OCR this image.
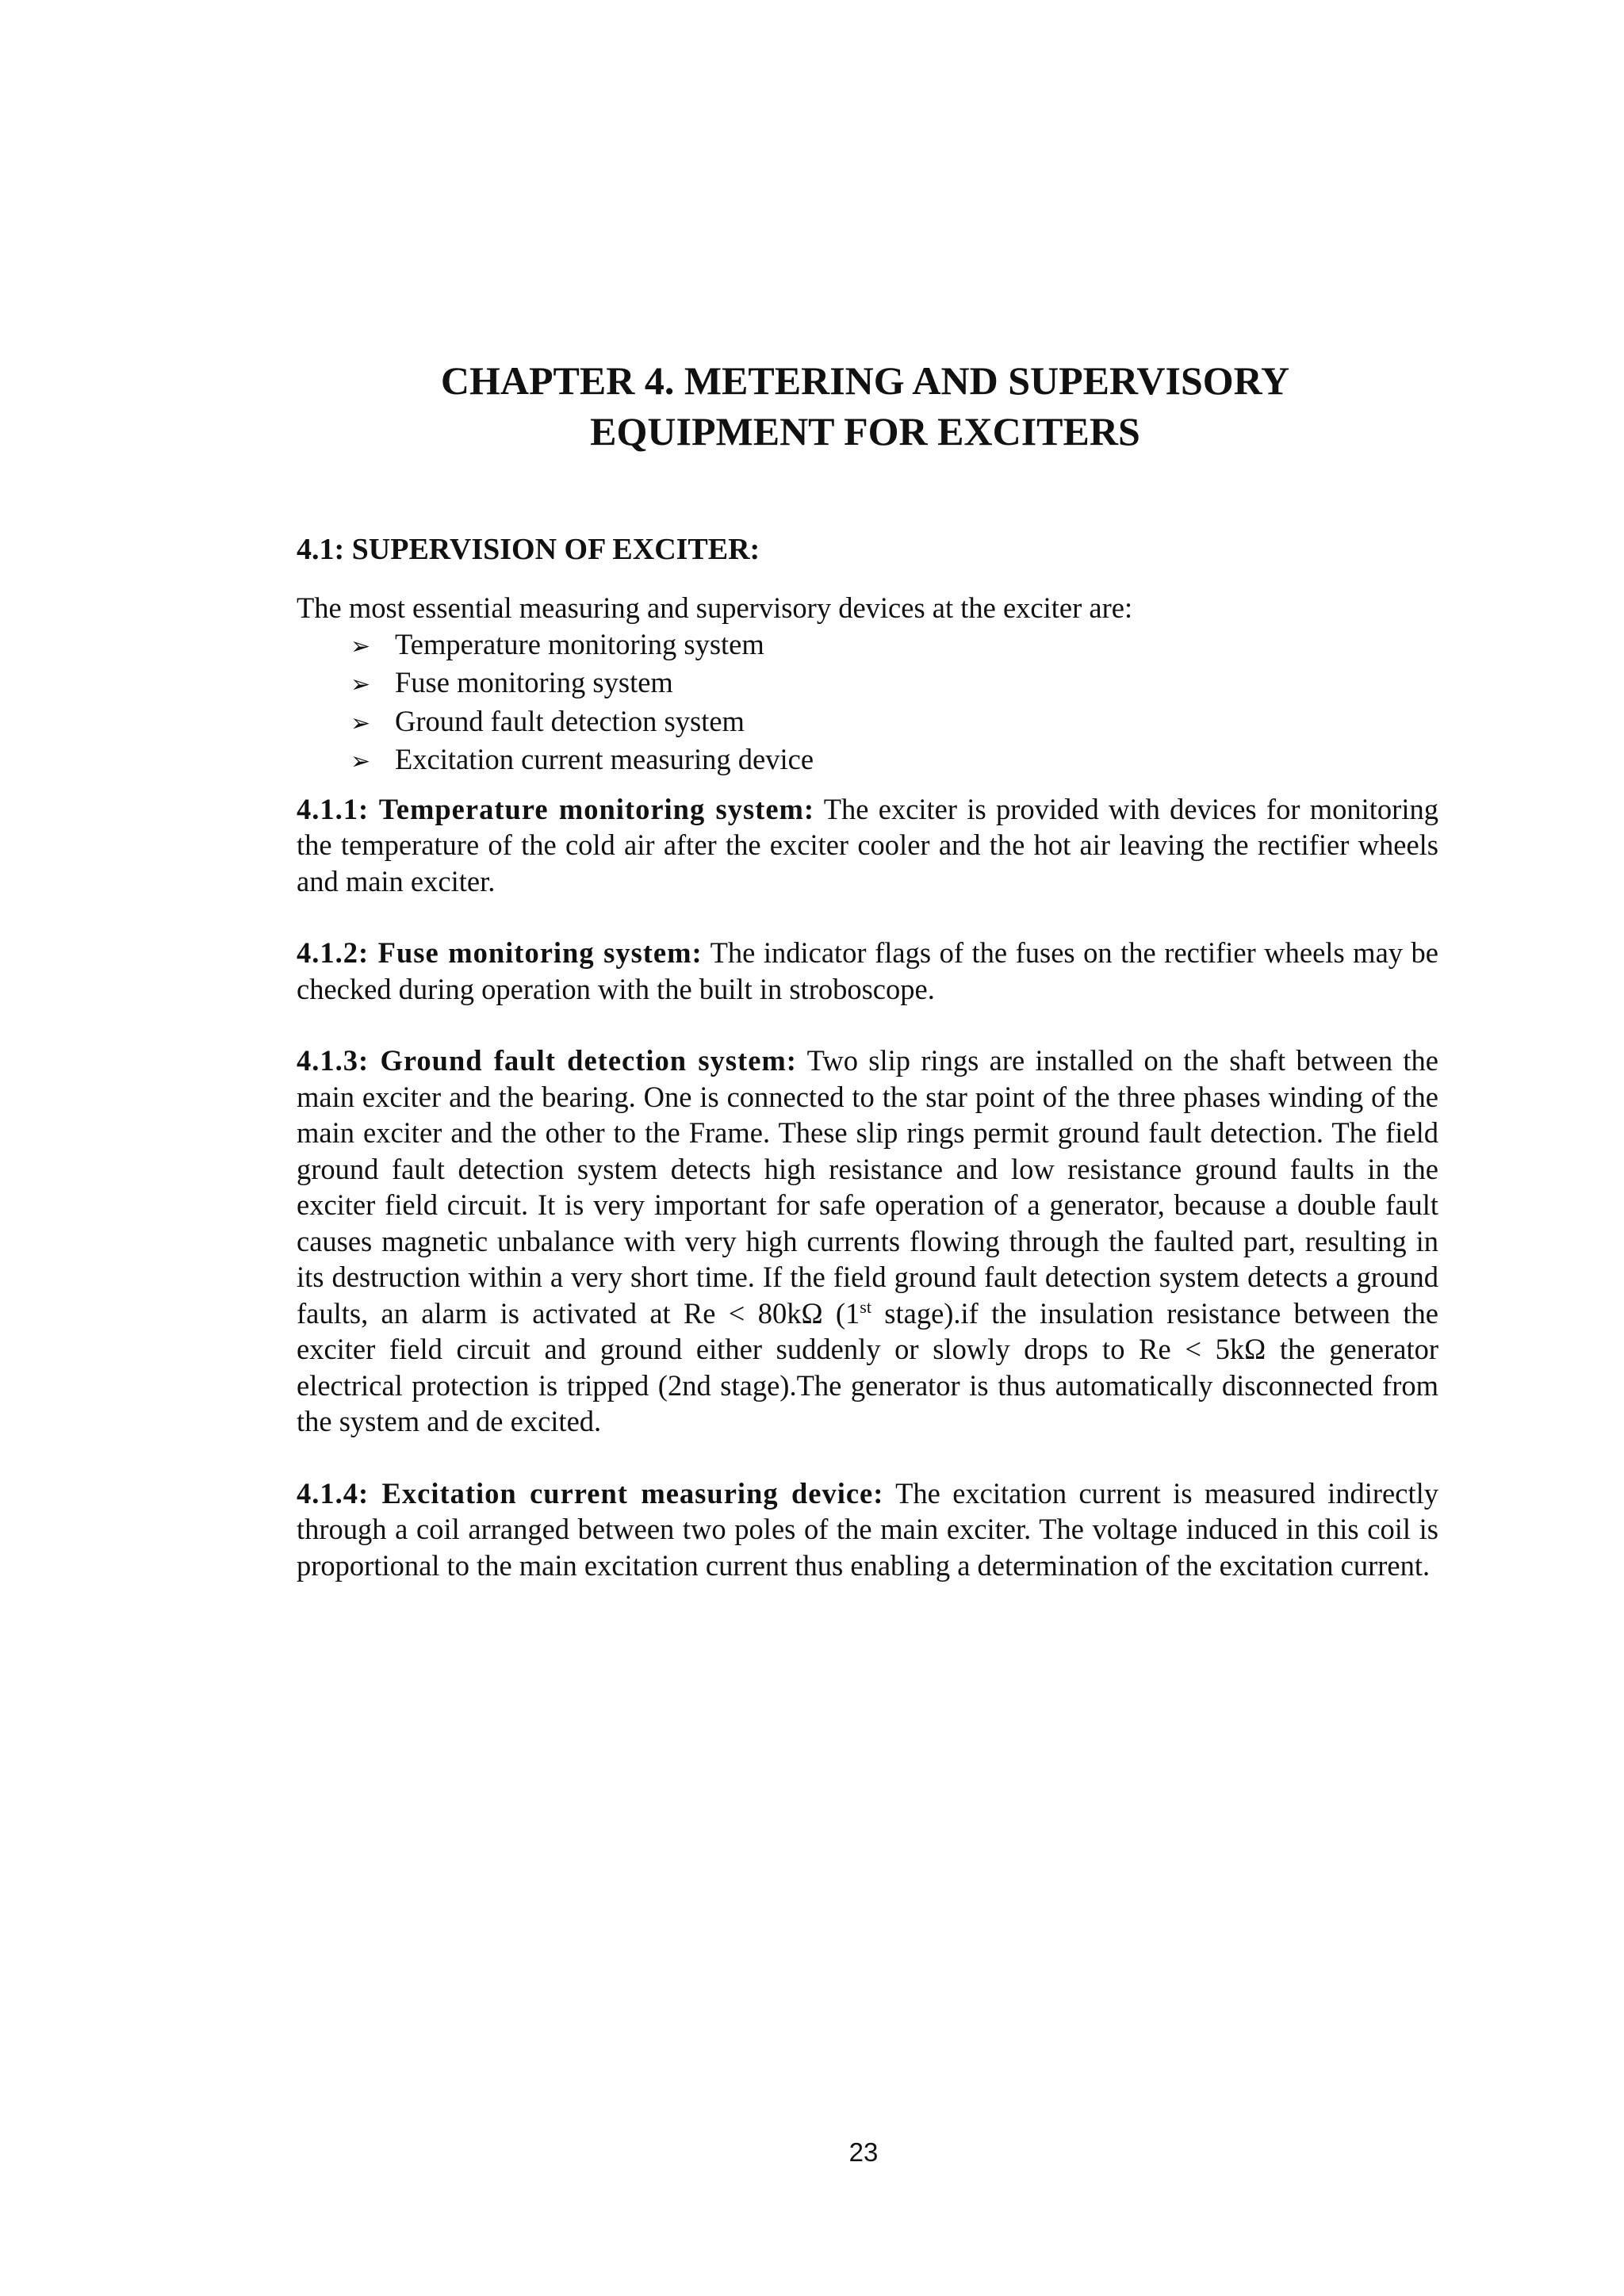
CHAPTER 4. METERING AND SUPERVISORY
EQUIPMENT FOR EXCITERS
4.1: SUPERVISION OF EXCITER:

The most essential measuring and supervisory devices at the exciter are:

➢ Temperature monitoring system
➢ Fuse monitoring system
➢ Ground fault detection system
➢ Excitation current measuring device

4.1.1: Temperature monitoring system: The exciter is provided with devices for monitoring the temperature of the cold air after the exciter cooler and the hot air leaving the rectifier wheels and main exciter.

4.1.2: Fuse monitoring system: The indicator flags of the fuses on the rectifier wheels may be checked during operation with the built in stroboscope.

4.1.3: Ground fault detection system: Two slip rings are installed on the shaft between the main exciter and the bearing. One is connected to the star point of the three phases winding of the main exciter and the other to the Frame. These slip rings permit ground fault detection. The field ground fault detection system detects high resistance and low resistance ground faults in the exciter field circuit. It is very important for safe operation of a generator, because a double fault causes magnetic unbalance with very high currents flowing through the faulted part, resulting in its destruction within a very short time. If the field ground fault detection system detects a ground faults, an alarm is activated at Re < 80kΩ (1st stage).if the insulation resistance between the exciter field circuit and ground either suddenly or slowly drops to Re < 5kΩ the generator electrical protection is tripped (2nd stage).The generator is thus automatically disconnected from the system and de excited.

4.1.4: Excitation current measuring device: The excitation current is measured indirectly through a coil arranged between two poles of the main exciter. The voltage induced in this coil is proportional to the main excitation current thus enabling a determination of the excitation current.

23
